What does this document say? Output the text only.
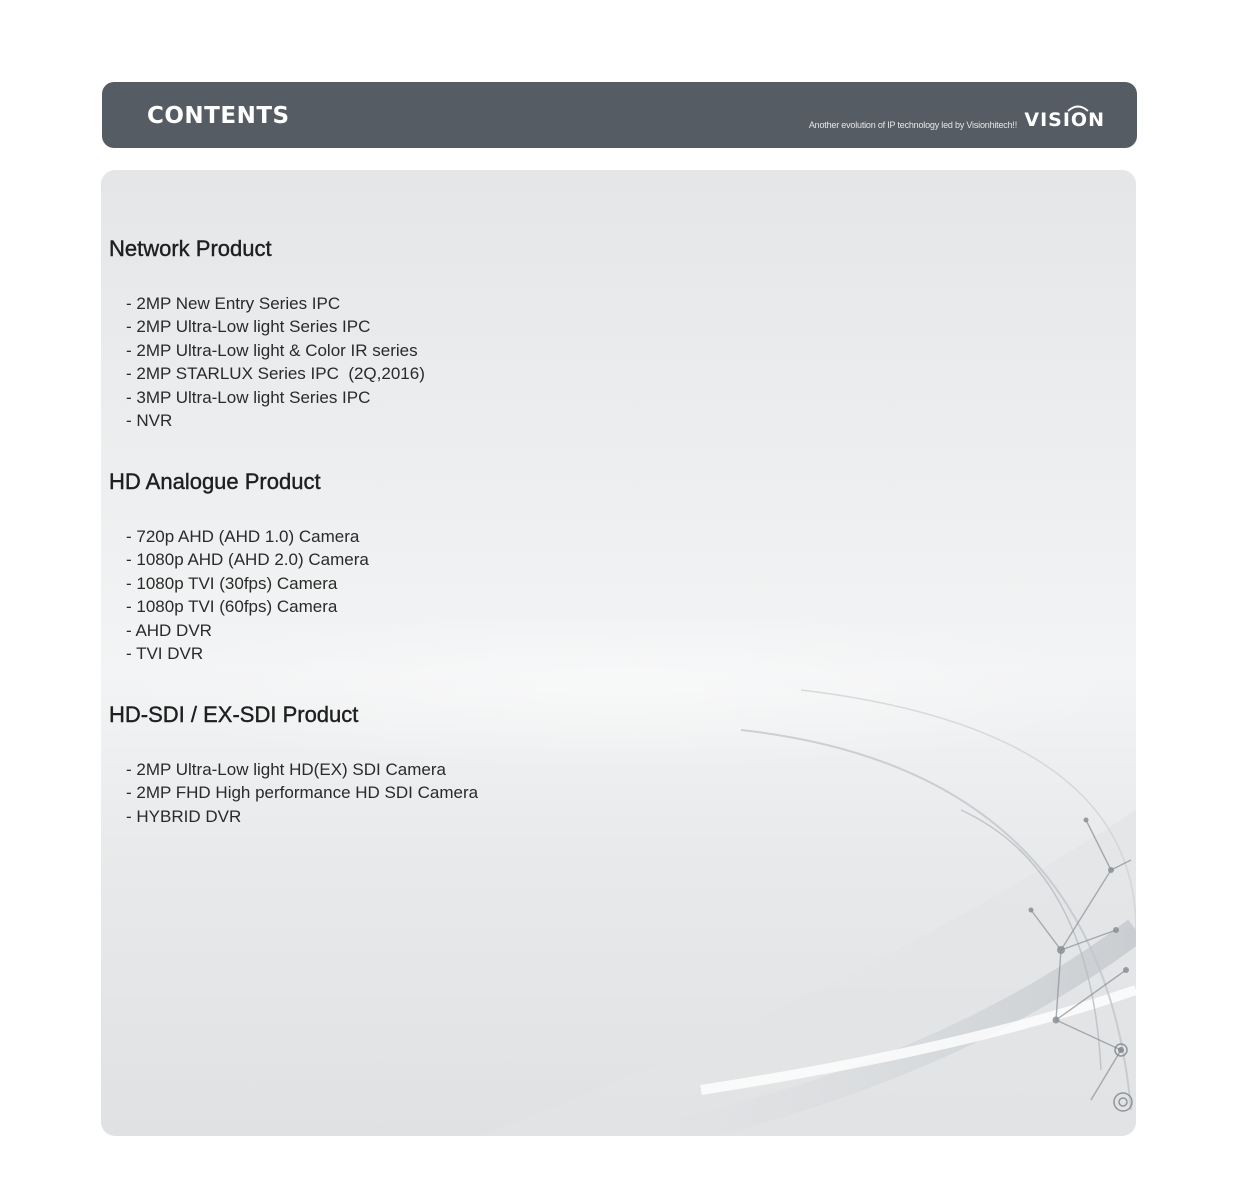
CONTENTS	Another evolution of IP technology led by Visionhitech!! VISION
Network Product
- 2MP New Entry Series IPC
- 2MP Ultra-Low light Series IPC
- 2MP Ultra-Low light & Color IR series
- 2MP STARLUX Series IPC  (2Q,2016)
- 3MP Ultra-Low light Series IPC
- NVR
HD Analogue Product
- 720p AHD (AHD 1.0) Camera
- 1080p AHD (AHD 2.0) Camera
- 1080p TVI (30fps) Camera
- 1080p TVI (60fps) Camera
- AHD DVR
- TVI DVR
HD-SDI / EX-SDI Product
- 2MP Ultra-Low light HD(EX) SDI Camera
- 2MP FHD High performance HD SDI Camera
- HYBRID DVR
